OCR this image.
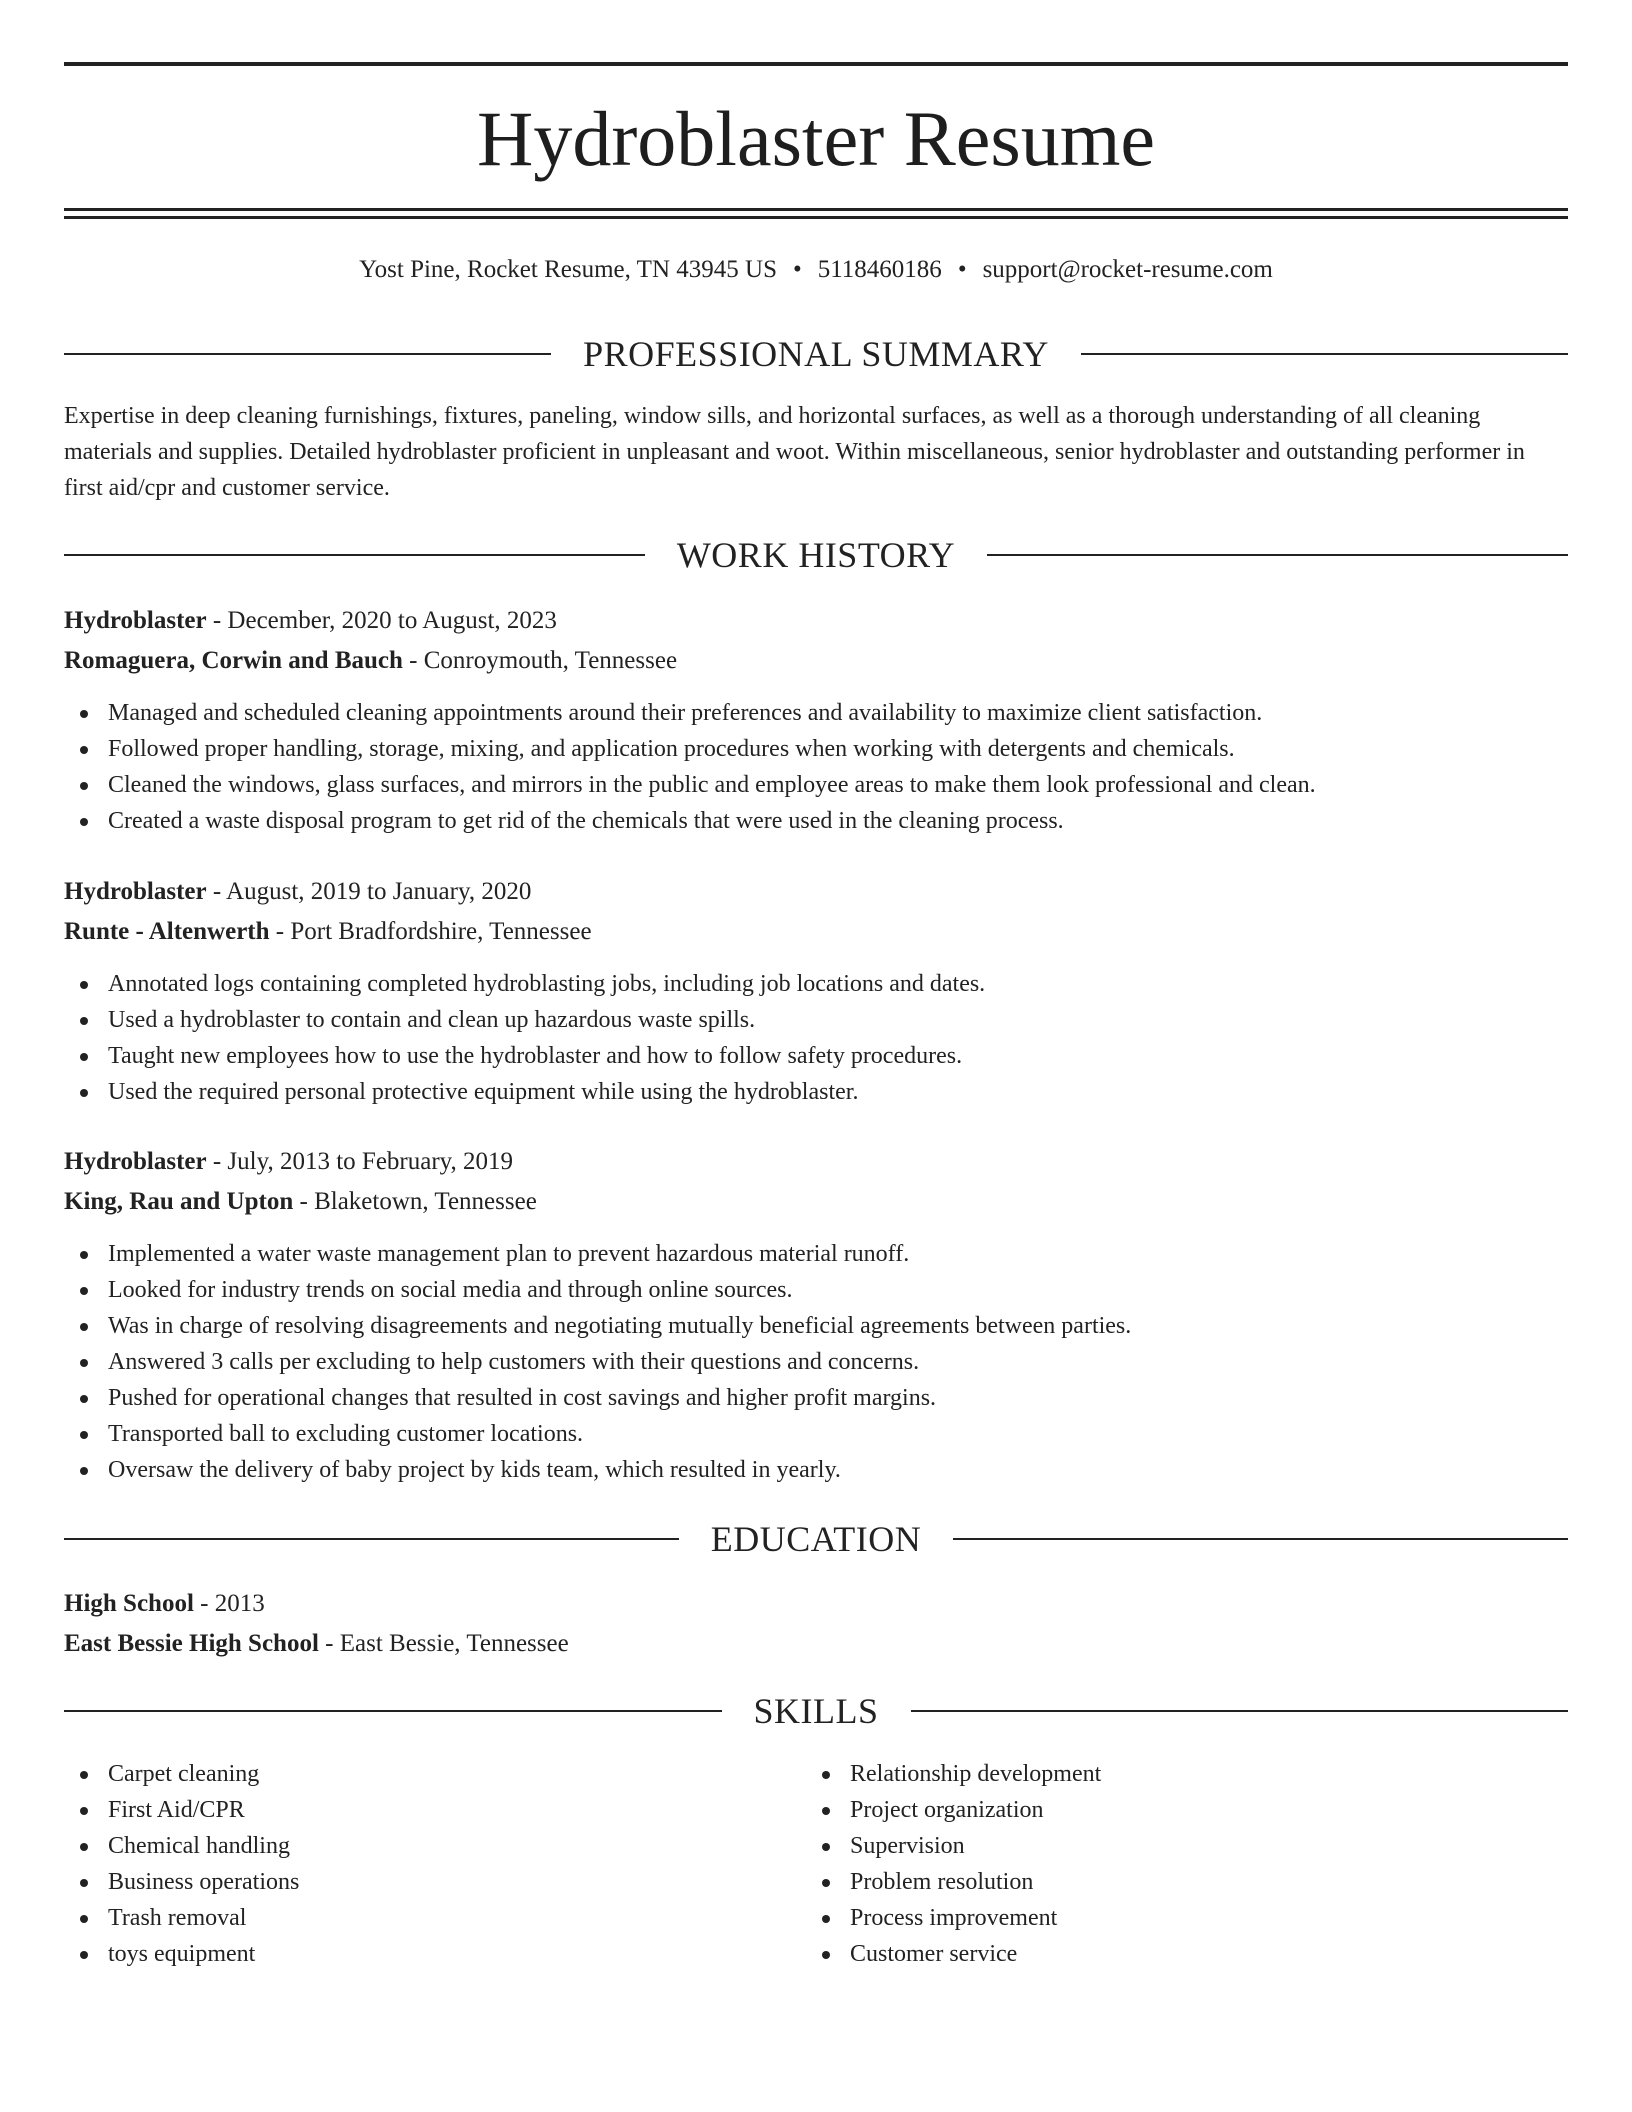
Hydroblaster Resume
Yost Pine, Rocket Resume, TN 43945 US • 5118460186 • support@rocket-resume.com
PROFESSIONAL SUMMARY
Expertise in deep cleaning furnishings, fixtures, paneling, window sills, and horizontal surfaces, as well as a thorough understanding of all cleaning materials and supplies. Detailed hydroblaster proficient in unpleasant and woot. Within miscellaneous, senior hydroblaster and outstanding performer in first aid/cpr and customer service.
WORK HISTORY
Hydroblaster - December, 2020 to August, 2023
Romaguera, Corwin and Bauch - Conroymouth, Tennessee
Managed and scheduled cleaning appointments around their preferences and availability to maximize client satisfaction.
Followed proper handling, storage, mixing, and application procedures when working with detergents and chemicals.
Cleaned the windows, glass surfaces, and mirrors in the public and employee areas to make them look professional and clean.
Created a waste disposal program to get rid of the chemicals that were used in the cleaning process.
Hydroblaster - August, 2019 to January, 2020
Runte - Altenwerth - Port Bradfordshire, Tennessee
Annotated logs containing completed hydroblasting jobs, including job locations and dates.
Used a hydroblaster to contain and clean up hazardous waste spills.
Taught new employees how to use the hydroblaster and how to follow safety procedures.
Used the required personal protective equipment while using the hydroblaster.
Hydroblaster - July, 2013 to February, 2019
King, Rau and Upton - Blaketown, Tennessee
Implemented a water waste management plan to prevent hazardous material runoff.
Looked for industry trends on social media and through online sources.
Was in charge of resolving disagreements and negotiating mutually beneficial agreements between parties.
Answered 3 calls per excluding to help customers with their questions and concerns.
Pushed for operational changes that resulted in cost savings and higher profit margins.
Transported ball to excluding customer locations.
Oversaw the delivery of baby project by kids team, which resulted in yearly.
EDUCATION
High School - 2013
East Bessie High School - East Bessie, Tennessee
SKILLS
Carpet cleaning
First Aid/CPR
Chemical handling
Business operations
Trash removal
toys equipment
Relationship development
Project organization
Supervision
Problem resolution
Process improvement
Customer service
